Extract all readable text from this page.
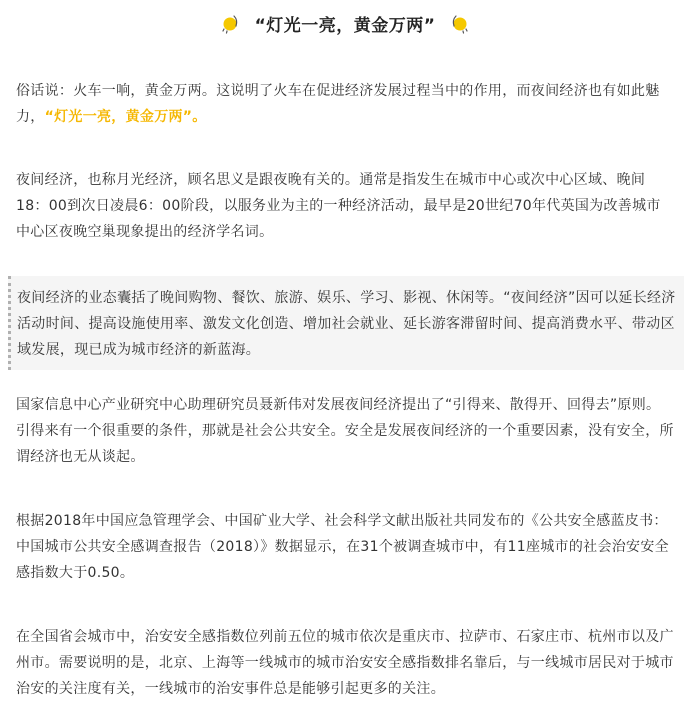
“灯光一亮，黄金万两”

俗话说：火车一响，黄金万两。这说明了火车在促进经济发展过程当中的作用，而夜间经济也有如此魅力，“灯光一亮，黄金万两”。

夜间经济，也称月光经济，顾名思义是跟夜晚有关的。通常是指发生在城市中心或次中心区域、晚间18：00到次日凌晨6：00阶段，以服务业为主的一种经济活动，最早是20世纪70年代英国为改善城市中心区夜晚空巢现象提出的经济学名词。

夜间经济的业态囊括了晚间购物、餐饮、旅游、娱乐、学习、影视、休闲等。“夜间经济”因可以延长经济活动时间、提高设施使用率、激发文化创造、增加社会就业、延长游客滞留时间、提高消费水平、带动区域发展，现已成为城市经济的新蓝海。

国家信息中心产业研究中心助理研究员聂新伟对发展夜间经济提出了“引得来、散得开、回得去”原则。引得来有一个很重要的条件，那就是社会公共安全。安全是发展夜间经济的一个重要因素，没有安全，所谓经济也无从谈起。

根据2018年中国应急管理学会、中国矿业大学、社会科学文献出版社共同发布的《公共安全感蓝皮书：中国城市公共安全感调查报告（2018）》数据显示，在31个被调查城市中，有11座城市的社会治安安全感指数大于0.50。

在全国省会城市中，治安安全感指数位列前五位的城市依次是重庆市、拉萨市、石家庄市、杭州市以及广州市。需要说明的是，北京、上海等一线城市的城市治安安全感指数排名靠后，与一线城市居民对于城市治安的关注度有关，一线城市的治安事件总是能够引起更多的关注。
